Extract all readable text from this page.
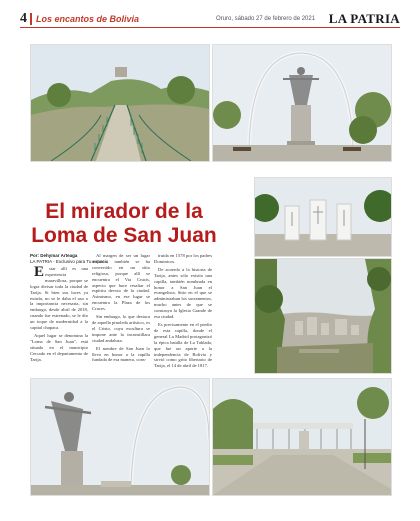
4 Los encantos de Bolivia	Oruro, sábado 27 de febrero de 2021 LA PATRIA
El mirador de la
Loma de San Juan
Por: Dehymar Arteaga
LA PATRIA - Exclusivo para Tu espacio

E star allí es una experiencia maravillosa, porque se logra divisar toda la ciudad de Tarija. Si bien sus luces ya existía, no se le daba el uso o la importancia necesaria, sin embargo, desde abril de 2018, cuando fue estrenado, se le dio un toque de modernidad a la capital chapaca.

Aquel lugar se denomina la "Loma de San Juan", está situado en el municipio Cercado en el departamento de Tarija.

Al margen de ser un lugar turístico, también se ha convertido en un sitio religioso, porque allí se encuentra el Via Crucis, aspecto que hace resaltar el espíritu devoto de la ciudad. Asimismo, en ese lugar se encuentra la Plaza de los Cruces.

Sin embargo, lo que destaca de aquella pinoleda artístico, es el Cristo, cuya escultura se impone ante la inconstillara ciudad andaluza.

El nombre de San Juan lo lleva en honor a la capilla fundada de esa manera, cons-

truida en 1578 por los padres Dominicos.

De acuerdo a la historia de Tarija, antes sólo existía una capilla, también nombrada en honor a San Juan el evangelista. Sitio en el que se administraban los sacramentos, mucho antes de que se construya la Iglesia Grande de esa ciudad.

Es precisamente en el predio de esta capilla, donde el general La Madrid protagonizó la épica batalla de La Tablada, que fue un aporte a la independencia de Bolivia y sirvió como grito libertario de Tarija, el 14 de abril de 1817.
